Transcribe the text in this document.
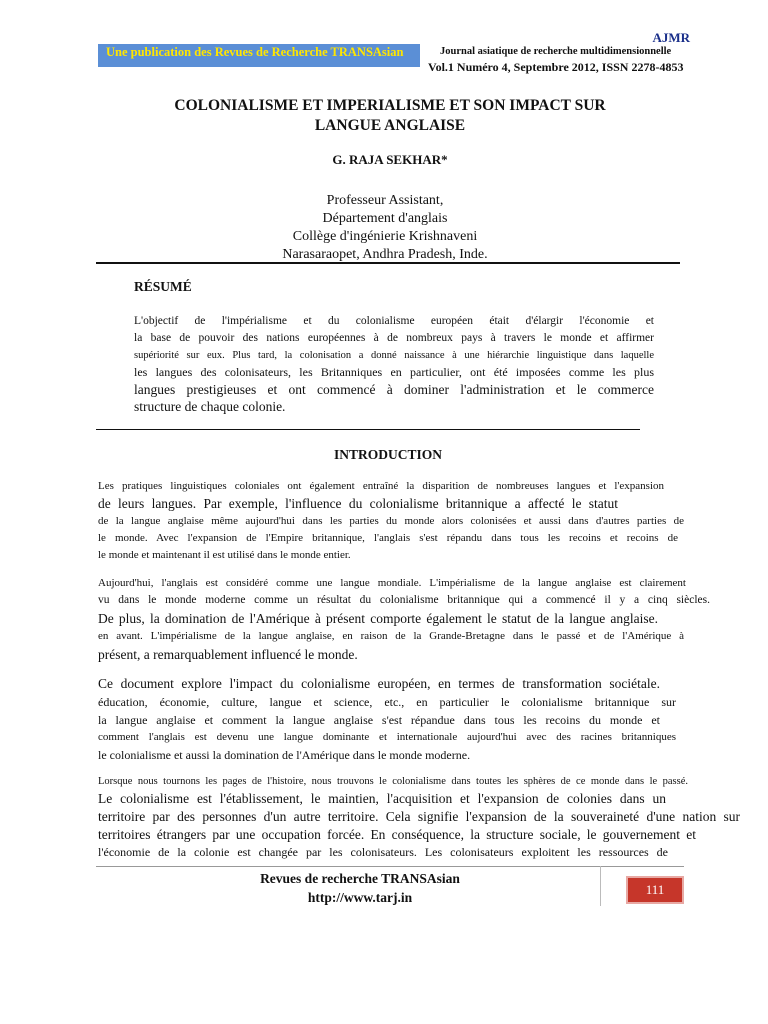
Une publication des Revues de Recherche TRANSAsian
AJMR
Journal asiatique de recherche multidimensionnelle
Vol.1 Numéro 4, Septembre 2012, ISSN 2278-4853
COLONIALISME ET IMPERIALISME ET SON IMPACT SUR
LANGUE ANGLAISE
G. RAJA SEKHAR*
Professeur Assistant,
Département d'anglais
Collège d'ingénierie Krishnaveni
Narasaraopet, Andhra Pradesh, Inde.
RÉSUMÉ
L'objectif de l'impérialisme et du colonialisme européen était d'élargir l'économie et
la base de pouvoir des nations européennes à de nombreux pays à travers le monde et affirmer
supériorité sur eux. Plus tard, la colonisation a donné naissance à une hiérarchie linguistique dans laquelle
les langues des colonisateurs, les Britanniques en particulier, ont été imposées comme les plus
langues prestigieuses et ont commencé à dominer l'administration et le commerce
structure de chaque colonie.
INTRODUCTION
Les pratiques linguistiques coloniales ont également entraîné la disparition de nombreuses langues et l'expansion
de leurs langues. Par exemple, l'influence du colonialisme britannique a affecté le statut
de la langue anglaise même aujourd'hui dans les parties du monde alors colonisées et aussi dans d'autres parties de
le monde. Avec l'expansion de l'Empire britannique, l'anglais s'est répandu dans tous les recoins et recoins de
le monde et maintenant il est utilisé dans le monde entier.
Aujourd'hui, l'anglais est considéré comme une langue mondiale. L'impérialisme de la langue anglaise est clairement
vu dans le monde moderne comme un résultat du colonialisme britannique qui a commencé il y a cinq siècles.
De plus, la domination de l'Amérique à présent comporte également le statut de la langue anglaise.
en avant. L'impérialisme de la langue anglaise, en raison de la Grande-Bretagne dans le passé et de l'Amérique à
présent, a remarquablement influencé le monde.
Ce document explore l'impact du colonialisme européen, en termes de transformation sociétale.
éducation, économie, culture, langue et science, etc., en particulier le colonialisme britannique sur
la langue anglaise et comment la langue anglaise s'est répandue dans tous les recoins du monde et
comment l'anglais est devenu une langue dominante et internationale aujourd'hui avec des racines britanniques
le colonialisme et aussi la domination de l'Amérique dans le monde moderne.
Lorsque nous tournons les pages de l'histoire, nous trouvons le colonialisme dans toutes les sphères de ce monde dans le passé.
Le colonialisme est l'établissement, le maintien, l'acquisition et l'expansion de colonies dans un
territoire par des personnes d'un autre territoire. Cela signifie l'expansion de la souveraineté d'une nation sur
territoires étrangers par une occupation forcée. En conséquence, la structure sociale, le gouvernement et
l'économie de la colonie est changée par les colonisateurs. Les colonisateurs exploitent les ressources de
Revues de recherche TRANSAsian
http://www.tarj.in
111
